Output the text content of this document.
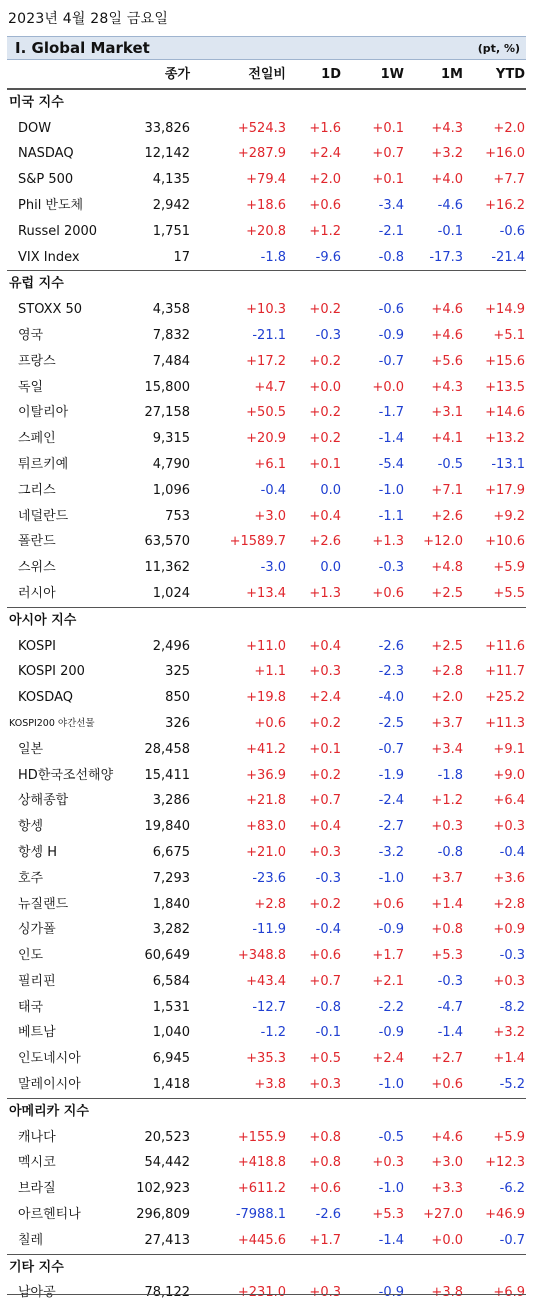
2023년 4월 28일 금요일
Ⅰ. Global Market	(pt, %)
종가	전일비	1D	1W	1M	YTD
미국 지수
DOW	33,826	+524.3 +1.6 +0.1 +4.3 +2.0
NASDAQ	12,142	+287.9 +2.4 +0.7 +3.2 +16.0
S&P 500	4,135	+79.4 +2.0 +0.1 +4.0 +7.7
Phil 반도체	2,942	+18.6 +0.6	-3.4	-4.6 +16.2
Russel 2000	1,751	+20.8 +1.2	-2.1	-0.1	-0.6
VIX Index	17	-1.8 -9.6	-0.8 -17.3 -21.4
유럽 지수
STOXX 50	4,358	+10.3 +0.2	-0.6 +4.6 +14.9
영국	7,832	-21.1 -0.3	-0.9 +4.6 +5.1
프랑스	7,484	+17.2 +0.2	-0.7 +5.6 +15.6
독일	15,800	+4.7 +0.0 +0.0 +4.3 +13.5
이탈리아	27,158	+50.5 +0.2	-1.7 +3.1 +14.6
스페인	9,315	+20.9 +0.2	-1.4 +4.1 +13.2
튀르키예	4,790	+6.1 +0.1	-5.4	-0.5 -13.1
그리스	1,096	-0.4	0.0	-1.0 +7.1 +17.9
네덜란드	753	+3.0 +0.4	-1.1 +2.6 +9.2
폴란드	63,570	+1589.7 +2.6 +1.3 +12.0 +10.6
스위스	11,362	-3.0	0.0	-0.3 +4.8 +5.9
러시아	1,024	+13.4 +1.3 +0.6 +2.5 +5.5
아시아 지수
KOSPI	2,496	+11.0 +0.4	-2.6 +2.5 +11.6
KOSPI 200	325	+1.1 +0.3	-2.3 +2.8 +11.7
KOSDAQ	850	+19.8 +2.4	-4.0 +2.0 +25.2
KOSPI200 야간선물	326	+0.6 +0.2	-2.5 +3.7 +11.3
일본	28,458	+41.2 +0.1	-0.7 +3.4 +9.1
HD한국조선해양 15,411	+36.9 +0.2	-1.9	-1.8 +9.0
상해종합	3,286	+21.8 +0.7	-2.4 +1.2 +6.4
항셍	19,840	+83.0 +0.4	-2.7 +0.3 +0.3
항셍 H	6,675	+21.0 +0.3	-3.2	-0.8	-0.4
호주	7,293	-23.6 -0.3	-1.0 +3.7 +3.6
뉴질랜드	1,840	+2.8 +0.2 +0.6 +1.4 +2.8
싱가폴	3,282	-11.9 -0.4	-0.9 +0.8 +0.9
인도	60,649	+348.8 +0.6 +1.7 +5.3	-0.3
필리핀	6,584	+43.4 +0.7 +2.1	-0.3 +0.3
태국	1,531	-12.7 -0.8	-2.2	-4.7	-8.2
베트남	1,040	-1.2 -0.1	-0.9	-1.4 +3.2
인도네시아	6,945	+35.3 +0.5 +2.4 +2.7 +1.4
말레이시아	1,418	+3.8 +0.3	-1.0 +0.6	-5.2
아메리카 지수
캐나다	20,523	+155.9 +0.8	-0.5 +4.6 +5.9
멕시코	54,442	+418.8 +0.8 +0.3 +3.0 +12.3
브라질	102,923	+611.2 +0.6	-1.0 +3.3	-6.2
아르헨티나	296,809	-7988.1 -2.6 +5.3 +27.0 +46.9
칠레	27,413	+445.6 +1.7	-1.4 +0.0	-0.7
기타 지수
남아공	78,122	+231.0 +0.3	-0.9 +3.8 +6.9
